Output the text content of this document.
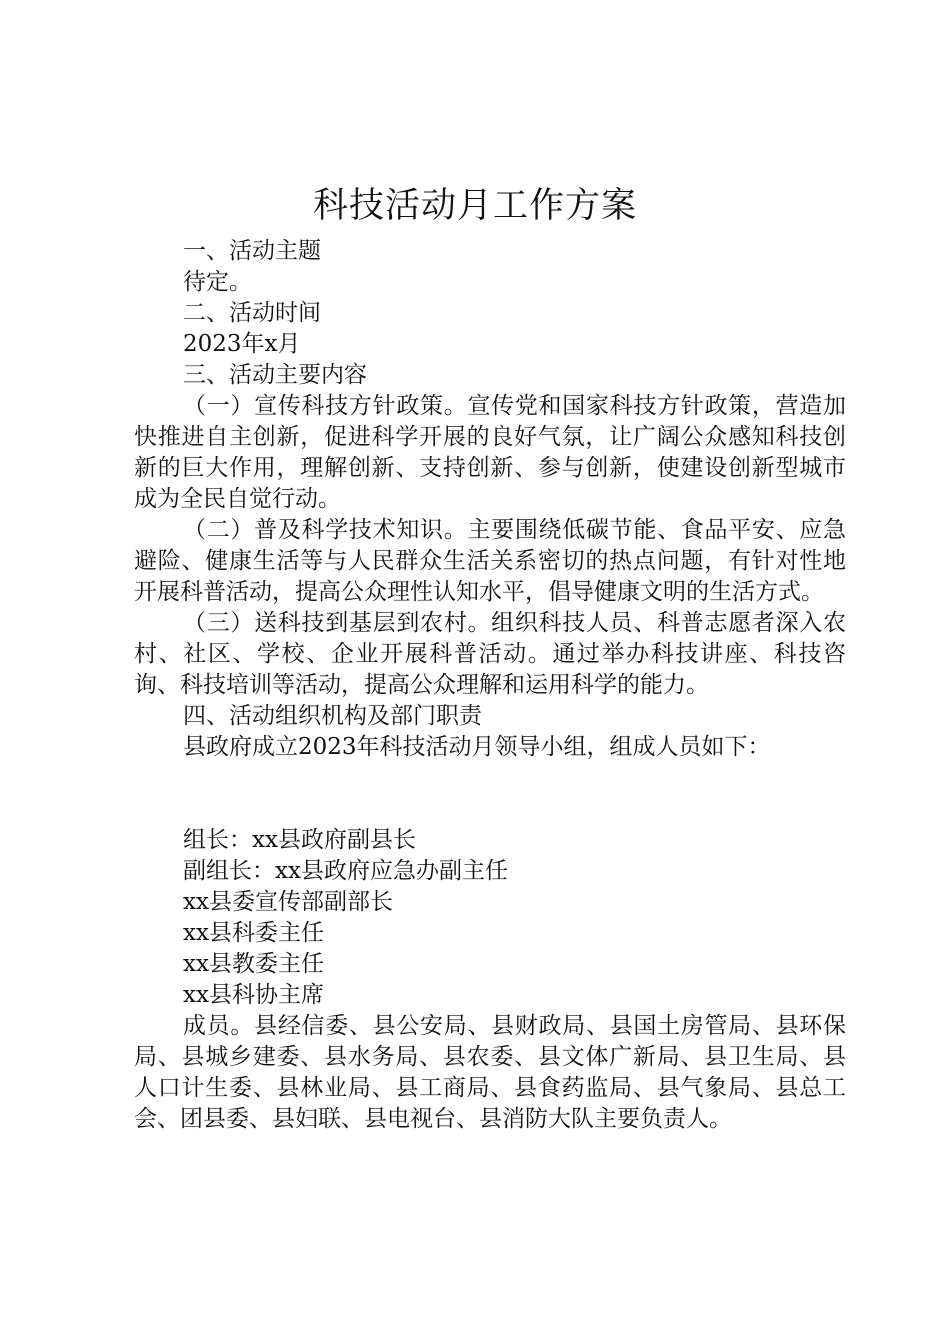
科技活动月工作方案

一、活动主题

待定。

二、活动时间

2023年x月

三、活动主要内容

（一）宣传科技方针政策。宣传党和国家科技方针政策，营造加快推进自主创新，促进科学开展的良好气氛，让广阔公众感知科技创新的巨大作用，理解创新、支持创新、参与创新，使建设创新型城市成为全民自觉行动。

（二）普及科学技术知识。主要围绕低碳节能、食品平安、应急避险、健康生活等与人民群众生活关系密切的热点问题，有针对性地开展科普活动，提高公众理性认知水平，倡导健康文明的生活方式。

（三）送科技到基层到农村。组织科技人员、科普志愿者深入农村、社区、学校、企业开展科普活动。通过举办科技讲座、科技咨询、科技培训等活动，提高公众理解和运用科学的能力。

四、活动组织机构及部门职责

县政府成立2023年科技活动月领导小组，组成人员如下：

组长：xx县政府副县长

副组长：xx县政府应急办副主任

xx县委宣传部副部长

xx县科委主任

xx县教委主任

xx县科协主席

成员。县经信委、县公安局、县财政局、县国土房管局、县环保局、县城乡建委、县水务局、县农委、县文体广新局、县卫生局、县人口计生委、县林业局、县工商局、县食药监局、县气象局、县总工会、团县委、县妇联、县电视台、县消防大队主要负责人。
